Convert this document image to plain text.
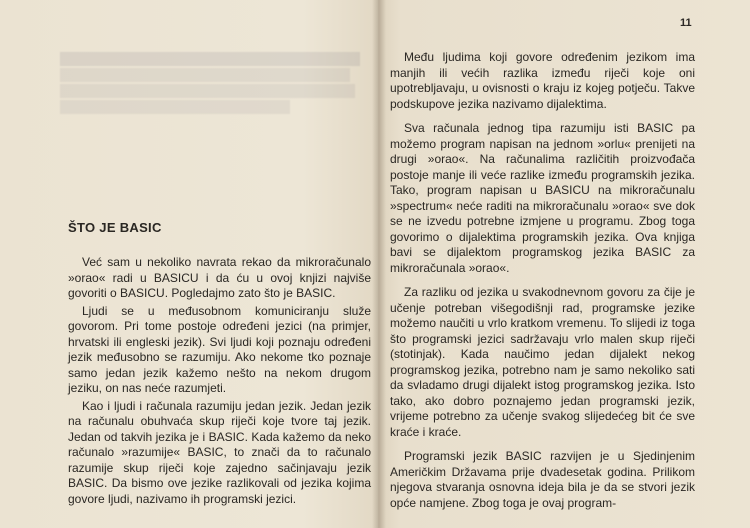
11
ŠTO JE BASIC

Već sam u nekoliko navrata rekao da mikroračunalo »orao« radi u BASICU i da ću u ovoj knjizi najviše govoriti o BASICU. Pogledajmo zato što je BASIC.

Ljudi se u međusobnom komuniciranju služe govorom. Pri tome postoje određeni jezici (na primjer, hrvatski ili engleski jezik). Svi ljudi koji poznaju određeni jezik međusobno se razumiju. Ako nekome tko poznaje samo jedan jezik kažemo nešto na nekom drugom jeziku, on nas neće razumjeti.

Kao i ljudi i računala razumiju jedan jezik. Jedan jezik na računalu obuhvaća skup riječi koje tvore taj jezik. Jedan od takvih jezika je i BASIC. Kada kažemo da neko računalo »razumije« BASIC, to znači da to računalo razumije skup riječi koje zajedno sačinjavaju jezik BASIC. Da bismo ove jezike razlikovali od jezika kojima govore ljudi, nazivamo ih programski jezici.

Među ljudima koji govore određenim jezikom ima manjih ili većih razlika između riječi koje oni upotrebljavaju, u ovisnosti o kraju iz kojeg potječu. Takve podskupove jezika nazivamo dijalektima.

Sva računala jednog tipa razumiju isti BASIC pa možemo program napisan na jednom »orlu« prenijeti na drugi »orao«. Na računalima različitih proizvođača postoje manje ili veće razlike između programskih jezika. Tako, program napisan u BASICU na mikroračunalu »spectrum« neće raditi na mikroračunalu »orao« sve dok se ne izvedu potrebne izmjene u programu. Zbog toga govorimo o dijalektima programskih jezika. Ova knjiga bavi se dijalektom programskog jezika BASIC za mikroračunala »orao«.

Za razliku od jezika u svakodnevnom govoru za čije je učenje potreban višegodišnji rad, programske jezike možemo naučiti u vrlo kratkom vremenu. To slijedi iz toga što programski jezici sadržavaju vrlo malen skup riječi (stotinjak). Kada naučimo jedan dijalekt nekog programskog jezika, potrebno nam je samo nekoliko sati da svladamo drugi dijalekt istog programskog jezika. Isto tako, ako dobro poznajemo jedan programski jezik, vrijeme potrebno za učenje svakog slijedećeg bit će sve kraće i kraće.

Programski jezik BASIC razvijen je u Sjedinjenim Američkim Državama prije dvadesetak godina. Prilikom njegova stvaranja osnovna ideja bila je da se stvori jezik opće namjene. Zbog toga je ovaj program-
